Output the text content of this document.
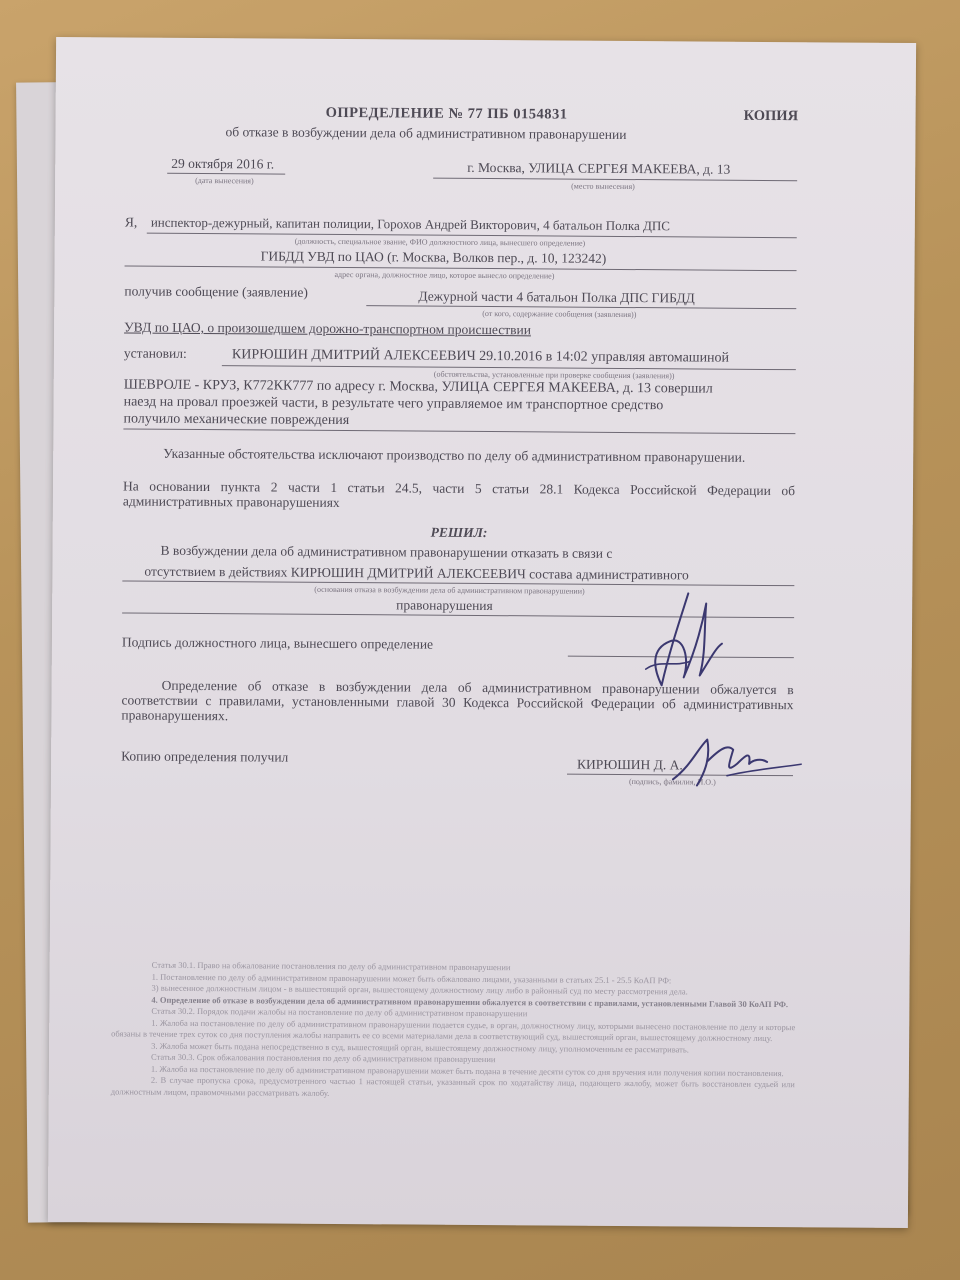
ОПРЕДЕЛЕНИЕ № 77 ПБ 0154831	КОПИЯ
об отказе в возбуждении дела об административном правонарушении
29 октября 2016 г.
(дата вынесения)
г. Москва, УЛИЦА СЕРГЕЯ МАКЕЕВА, д. 13
(место вынесения)
Я, инспектор-дежурный, капитан полиции, Горохов Андрей Викторович, 4 батальон Полка ДПС
(должность, специальное звание, ФИО должностного лица, вынесшего определение)
ГИБДД УВД по ЦАО (г. Москва, Волков пер., д. 10, 123242)
адрес органа, должностное лицо, которое вынесло определение)
получив сообщение (заявление)	Дежурной части 4 батальон Полка ДПС ГИБДД
(от кого, содержание сообщения (заявления))
УВД по ЦАО, о произошедшем дорожно-транспортном происшествии
установил:	КИРЮШИН ДМИТРИЙ АЛЕКСЕЕВИЧ 29.10.2016 в 14:02 управляя автомашиной
(обстоятельства, установленные при проверке сообщения (заявления))
ШЕВРОЛЕ - КРУЗ, К772КК777 по адресу г. Москва, УЛИЦА СЕРГЕЯ МАКЕЕВА, д. 13 совершил
наезд на провал проезжей части, в результате чего управляемое им транспортное средство
получило механические повреждения
Указанные обстоятельства исключают производство по делу об административном правонарушении.
На основании пункта 2 части 1 статьи 24.5, части 5 статьи 28.1 Кодекса Российской Федерации об административных правонарушениях
РЕШИЛ:
В возбуждении дела об административном правонарушении отказать в связи с
отсутствием в действиях КИРЮШИН ДМИТРИЙ АЛЕКСЕЕВИЧ состава административного
(основания отказа в возбуждении дела об административном правонарушении)
правонарушения
Подпись должностного лица, вынесшего определение
Определение об отказе в возбуждении дела об административном правонарушении обжалуется в соответствии с правилами, установленными главой 30 Кодекса Российской Федерации об административных правонарушениях.
Копию определения получил	КИРЮШИН Д. А.
(подпись, фамилия, И.О.)
Статья 30.1. Право на обжалование постановления по делу об административном правонарушении
1. Постановление по делу об административном правонарушении может быть обжаловано лицами, указанными в статьях 25.1 - 25.5 КоАП РФ:
3) вынесенное должностным лицом - в вышестоящий орган, вышестоящему должностному лицу либо в районный суд по месту рассмотрения дела.
4. Определение об отказе в возбуждении дела об административном правонарушении обжалуется в соответствии с правилами, установленными Главой 30 КоАП РФ.
Статья 30.2. Порядок подачи жалобы на постановление по делу об административном правонарушении
1. Жалоба на постановление по делу об административном правонарушении подается судье, в орган, должностному лицу, которыми вынесено постановление по делу и которые обязаны в течение трех суток со дня поступления жалобы направить ее со всеми материалами дела в соответствующий суд, вышестоящий орган, вышестоящему должностному лицу.
3. Жалоба может быть подана непосредственно в суд, вышестоящий орган, вышестоящему должностному лицу, уполномоченным ее рассматривать.
Статья 30.3. Срок обжалования постановления по делу об административном правонарушении
1. Жалоба на постановление по делу об административном правонарушении может быть подана в течение десяти суток со дня вручения или получения копии постановления.
2. В случае пропуска срока, предусмотренного частью 1 настоящей статьи, указанный срок по ходатайству лица, подающего жалобу, может быть восстановлен судьей или должностным лицом, правомочными рассматривать жалобу.
